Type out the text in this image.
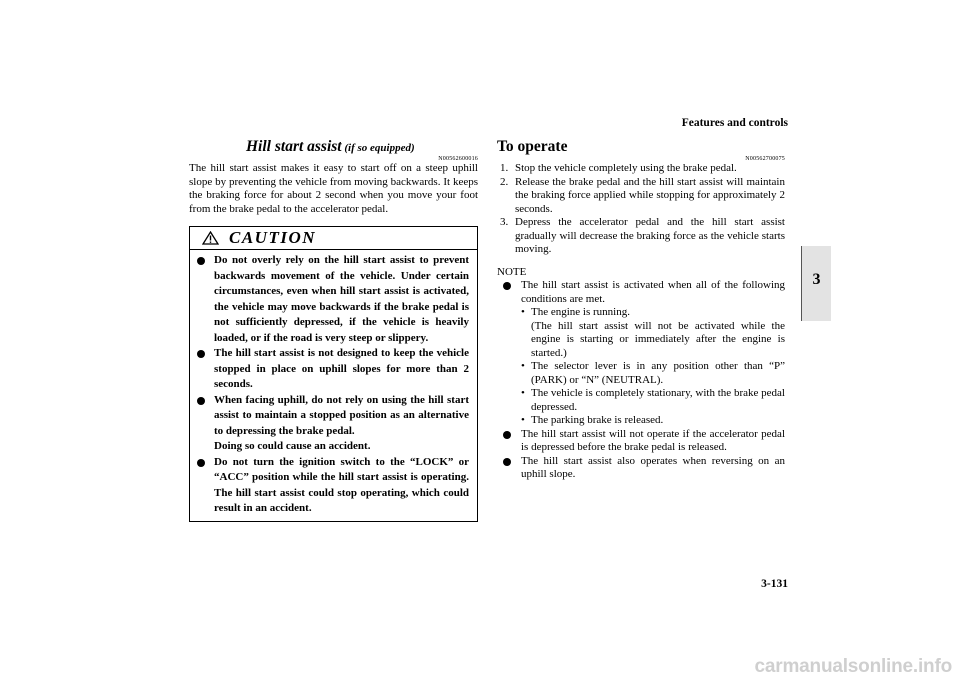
Features and controls
3
Hill start assist (if so equipped)
N00562600016
The hill start assist makes it easy to start off on a steep uphill slope by preventing the vehicle from moving backwards. It keeps the braking force for about 2 second when you move your foot from the brake pedal to the accelerator pedal.
CAUTION
Do not overly rely on the hill start assist to prevent backwards movement of the vehicle. Under certain circumstances, even when hill start assist is activated, the vehicle may move backwards if the brake pedal is not sufficiently depressed, if the vehicle is heavily loaded, or if the road is very steep or slippery.
The hill start assist is not designed to keep the vehicle stopped in place on uphill slopes for more than 2 seconds.
When facing uphill, do not rely on using the hill start assist to maintain a stopped position as an alternative to depressing the brake pedal.
Doing so could cause an accident.
Do not turn the ignition switch to the “LOCK” or “ACC” position while the hill start assist is operating. The hill start assist could stop operating, which could result in an accident.
To operate
N00562700075
1. Stop the vehicle completely using the brake pedal.
2. Release the brake pedal and the hill start assist will maintain the braking force applied while stopping for approximately 2 seconds.
3. Depress the accelerator pedal and the hill start assist gradually will decrease the braking force as the vehicle starts moving.
NOTE
The hill start assist is activated when all of the following conditions are met.
• The engine is running.
(The hill start assist will not be activated while the engine is starting or immediately after the engine is started.)
• The selector lever is in any position other than “P” (PARK) or “N” (NEUTRAL).
• The vehicle is completely stationary, with the brake pedal depressed.
• The parking brake is released.
The hill start assist will not operate if the accelerator pedal is depressed before the brake pedal is released.
The hill start assist also operates when reversing on an uphill slope.
3-131
carmanualsonline.info
